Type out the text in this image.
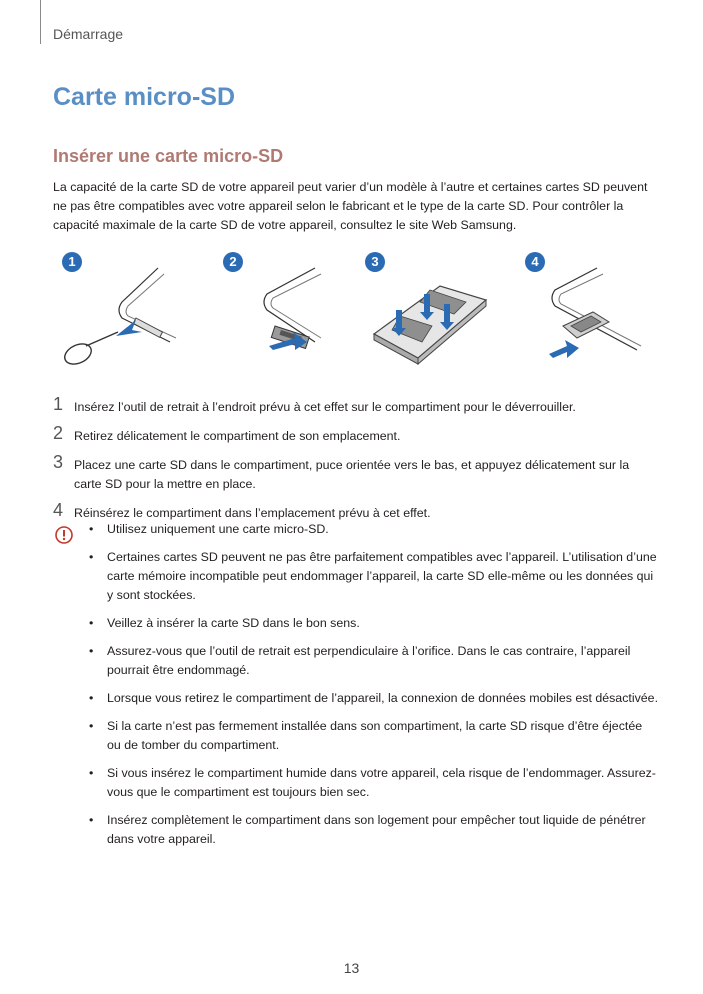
Démarrage
Carte micro-SD
Insérer une carte micro-SD

La capacité de la carte SD de votre appareil peut varier d’un modèle à l’autre et certaines cartes SD peuvent ne pas être compatibles avec votre appareil selon le fabricant et le type de la carte SD. Pour contrôler la capacité maximale de la carte SD de votre appareil, consultez le site Web Samsung.

1	2	3	4
1 Insérez l’outil de retrait à l’endroit prévu à cet effet sur le compartiment pour le déverrouiller.
2 Retirez délicatement le compartiment de son emplacement.
3 Placez une carte SD dans le compartiment, puce orientée vers le bas, et appuyez délicatement sur la carte SD pour la mettre en place.
4 Réinsérez le compartiment dans l’emplacement prévu à cet effet.
• Utilisez uniquement une carte micro-SD.
• Certaines cartes SD peuvent ne pas être parfaitement compatibles avec l’appareil. L’utilisation d’une carte mémoire incompatible peut endommager l’appareil, la carte SD elle-même ou les données qui y sont stockées.
• Veillez à insérer la carte SD dans le bon sens.
• Assurez-vous que l’outil de retrait est perpendiculaire à l’orifice. Dans le cas contraire, l’appareil pourrait être endommagé.
• Lorsque vous retirez le compartiment de l’appareil, la connexion de données mobiles est désactivée.
• Si la carte n’est pas fermement installée dans son compartiment, la carte SD risque d’être éjectée ou de tomber du compartiment.
• Si vous insérez le compartiment humide dans votre appareil, cela risque de l’endommager. Assurez-vous que le compartiment est toujours bien sec.
• Insérez complètement le compartiment dans son logement pour empêcher tout liquide de pénétrer dans votre appareil.
13
